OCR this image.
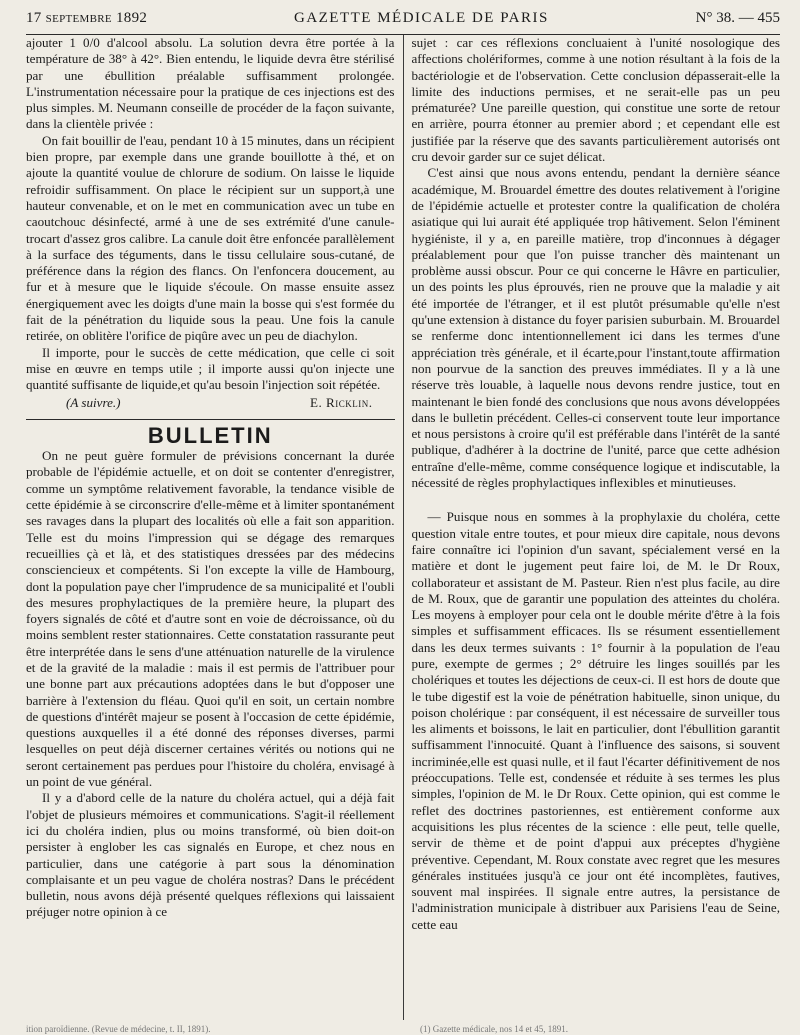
17 septembre 1892	GAZETTE MÉDICALE DE PARIS	N° 38. — 455

ajouter 1 0/0 d'alcool absolu. La solution devra être portée à la température de 38° à 42°. Bien entendu, le liquide devra être stérilisé par une ébullition préalable suffisamment prolongée. L'instrumentation nécessaire pour la pratique de ces injections est des plus simples. M. Neumann conseille de procéder de la façon suivante, dans la clientèle privée :

On fait bouillir de l'eau, pendant 10 à 15 minutes, dans un récipient bien propre, par exemple dans une grande bouillotte à thé, et on ajoute la quantité voulue de chlorure de sodium. On laisse le liquide refroidir suffisamment. On place le récipient sur un support,à une hauteur convenable, et on le met en communication avec un tube en caoutchouc désinfecté, armé à une de ses extrémité d'une canule-trocart d'assez gros calibre. La canule doit être enfoncée parallèlement à la surface des téguments, dans le tissu cellulaire sous-cutané, de préférence dans la région des flancs. On l'enfoncera doucement, au fur et à mesure que le liquide s'écoule. On masse ensuite assez énergiquement avec les doigts d'une main la bosse qui s'est formée du fait de la pénétration du liquide sous la peau. Une fois la canule retirée, on oblitère l'orifice de piqûre avec un peu de diachylon.

Il importe, pour le succès de cette médication, que celle ci soit mise en œuvre en temps utile ; il importe aussi qu'on injecte une quantité suffisante de liquide,et qu'au besoin l'injection soit répétée.

(A suivre.)	E. Ricklin.
BULLETIN

On ne peut guère formuler de prévisions concernant la durée probable de l'épidémie actuelle, et on doit se contenter d'enregistrer, comme un symptôme relativement favorable, la tendance visible de cette épidémie à se circonscrire d'elle-même et à limiter spontanément ses ravages dans la plupart des localités où elle a fait son apparition. Telle est du moins l'impression qui se dégage des remarques recueillies çà et là, et des statistiques dressées par des médecins consciencieux et compétents. Si l'on excepte la ville de Hambourg, dont la population paye cher l'imprudence de sa municipalité et l'oubli des mesures prophylactiques de la première heure, la plupart des foyers signalés de côté et d'autre sont en voie de décroissance, où du moins semblent rester stationnaires. Cette constatation rassurante peut être interprétée dans le sens d'une atténuation naturelle de la virulence et de la gravité de la maladie : mais il est permis de l'attribuer pour une bonne part aux précautions adoptées dans le but d'opposer une barrière à l'extension du fléau. Quoi qu'il en soit, un certain nombre de questions d'intérêt majeur se posent à l'occasion de cette épidémie, questions auxquelles il a été donné des réponses diverses, parmi lesquelles on peut déjà discerner certaines vérités ou notions qui ne seront certainement pas perdues pour l'histoire du choléra, envisagé à un point de vue général.

Il y a d'abord celle de la nature du choléra actuel, qui a déjà fait l'objet de plusieurs mémoires et communications. S'agit-il réellement ici du choléra indien, plus ou moins transformé, où bien doit-on persister à englober les cas signalés en Europe, et chez nous en particulier, dans une catégorie à part sous la dénomination complaisante et un peu vague de choléra nostras? Dans le précédent bulletin, nous avons déjà présenté quelques réflexions qui laissaient préjuger notre opinion à ce

sujet : car ces réflexions concluaient à l'unité nosologique des affections cholériformes, comme à une notion résultant à la fois de la bactériologie et de l'observation. Cette conclusion dépasserait-elle la limite des inductions permises, et ne serait-elle pas un peu prématurée? Une pareille question, qui constitue une sorte de retour en arrière, pourra étonner au premier abord ; et cependant elle est justifiée par la réserve que des savants particulièrement autorisés ont cru devoir garder sur ce sujet délicat.

C'est ainsi que nous avons entendu, pendant la dernière séance académique, M. Brouardel émettre des doutes relativement à l'origine de l'épidémie actuelle et protester contre la qualification de choléra asiatique qui lui aurait été appliquée trop hâtivement. Selon l'éminent hygiéniste, il y a, en pareille matière, trop d'inconnues à dégager préalablement pour que l'on puisse trancher dès maintenant un problème aussi obscur. Pour ce qui concerne le Hâvre en particulier, un des points les plus éprouvés, rien ne prouve que la maladie y ait été importée de l'étranger, et il est plutôt présumable qu'elle n'est qu'une extension à distance du foyer parisien suburbain. M. Brouardel se renferme donc intentionnellement ici dans les termes d'une appréciation très générale, et il écarte,pour l'instant,toute affirmation non pourvue de la sanction des preuves immédiates. Il y a là une réserve très louable, à laquelle nous devons rendre justice, tout en maintenant le bien fondé des conclusions que nous avons développées dans le bulletin précédent. Celles-ci conservent toute leur importance et nous persistons à croire qu'il est préférable dans l'intérêt de la santé publique, d'adhérer à la doctrine de l'unité, parce que cette adhésion entraîne d'elle-même, comme conséquence logique et indiscutable, la nécessité de règles prophylactiques inflexibles et minutieuses.

— Puisque nous en sommes à la prophylaxie du choléra, cette question vitale entre toutes, et pour mieux dire capitale, nous devons faire connaître ici l'opinion d'un savant, spécialement versé en la matière et dont le jugement peut faire loi, de M. le Dr Roux, collaborateur et assistant de M. Pasteur. Rien n'est plus facile, au dire de M. Roux, que de garantir une population des atteintes du choléra. Les moyens à employer pour cela ont le double mérite d'être à la fois simples et suffisamment efficaces. Ils se résument essentiellement dans les deux termes suivants : 1° fournir à la population de l'eau pure, exempte de germes ; 2° détruire les linges souillés par les cholériques et toutes les déjections de ceux-ci. Il est hors de doute que le tube digestif est la voie de pénétration habituelle, sinon unique, du poison cholérique : par conséquent, il est nécessaire de surveiller tous les aliments et boissons, le lait en particulier, dont l'ébullition garantit suffisamment l'innocuité. Quant à l'influence des saisons, si souvent incriminée,elle est quasi nulle, et il faut l'écarter définitivement de nos préoccupations. Telle est, condensée et réduite à ses termes les plus simples, l'opinion de M. le Dr Roux. Cette opinion, qui est comme le reflet des doctrines pastoriennes, est entièrement conforme aux acquisitions les plus récentes de la science : elle peut, telle quelle, servir de thème et de point d'appui aux préceptes d'hygiène préventive. Cependant, M. Roux constate avec regret que les mesures générales instituées jusqu'à ce jour ont été incomplètes, fautives, souvent mal inspirées. Il signale entre autres, la persistance de l'administration municipale à distribuer aux Parisiens l'eau de Seine, cette eau

ition paroïdienne. (Revue de médecine, t. II, 1891).	(1) Gazette médicale, nos 14 et 45, 1891.
